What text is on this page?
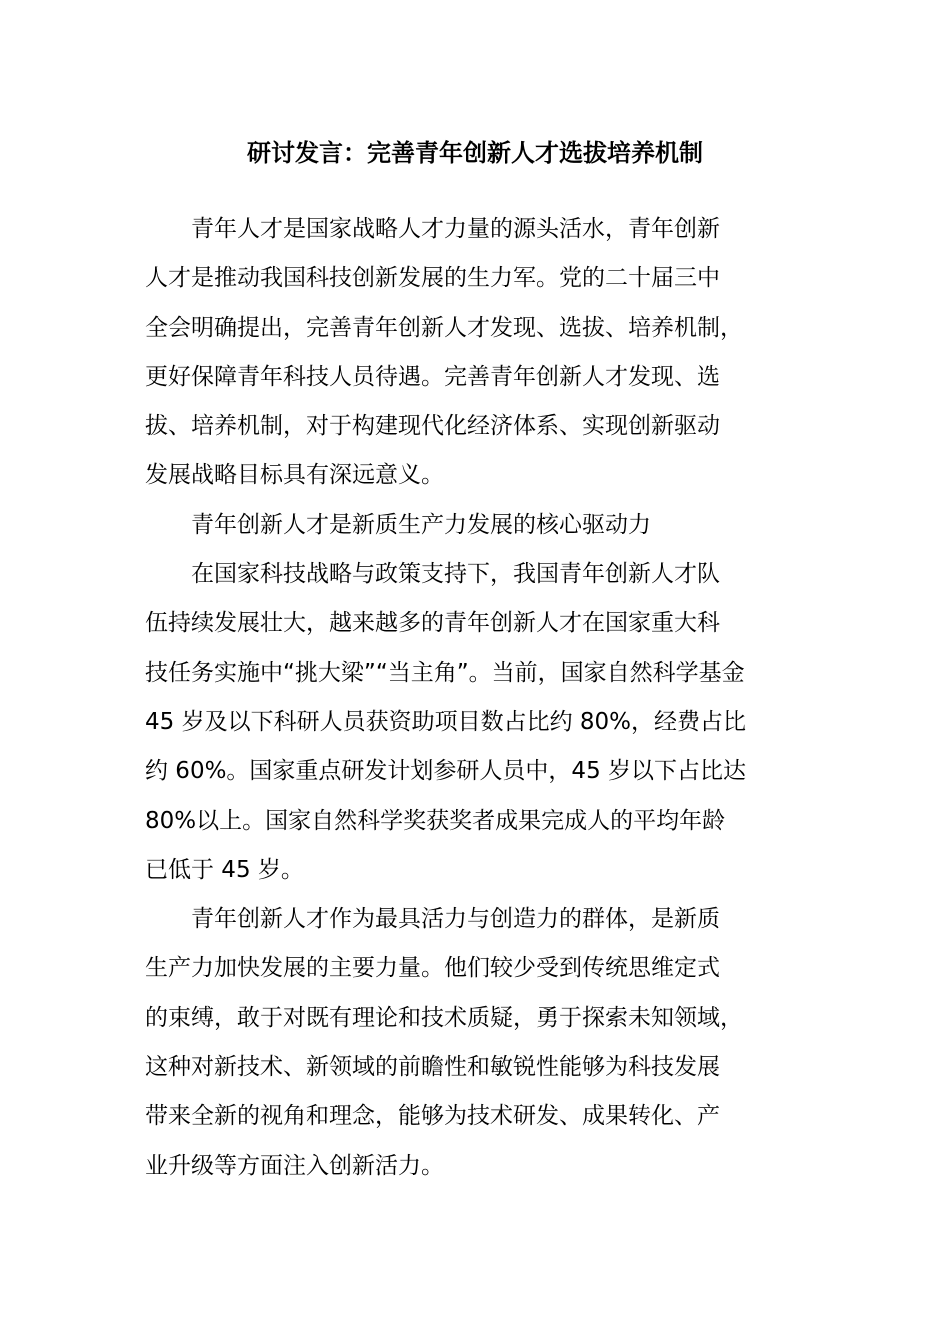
研讨发言：完善青年创新人才选拔培养机制

青年人才是国家战略人才力量的源头活水，青年创新
人才是推动我国科技创新发展的生力军。党的二十届三中
全会明确提出，完善青年创新人才发现、选拔、培养机制，
更好保障青年科技人员待遇。完善青年创新人才发现、选
拔、培养机制，对于构建现代化经济体系、实现创新驱动
发展战略目标具有深远意义。

青年创新人才是新质生产力发展的核心驱动力

在国家科技战略与政策支持下，我国青年创新人才队
伍持续发展壮大，越来越多的青年创新人才在国家重大科
技任务实施中“挑大梁”“当主角”。当前，国家自然科学基金
45 岁及以下科研人员获资助项目数占比约 80%，经费占比
约 60%。国家重点研发计划参研人员中，45 岁以下占比达
80%以上。国家自然科学奖获奖者成果完成人的平均年龄
已低于 45 岁。

青年创新人才作为最具活力与创造力的群体，是新质
生产力加快发展的主要力量。他们较少受到传统思维定式
的束缚，敢于对既有理论和技术质疑，勇于探索未知领域，
这种对新技术、新领域的前瞻性和敏锐性能够为科技发展
带来全新的视角和理念，能够为技术研发、成果转化、产
业升级等方面注入创新活力。
